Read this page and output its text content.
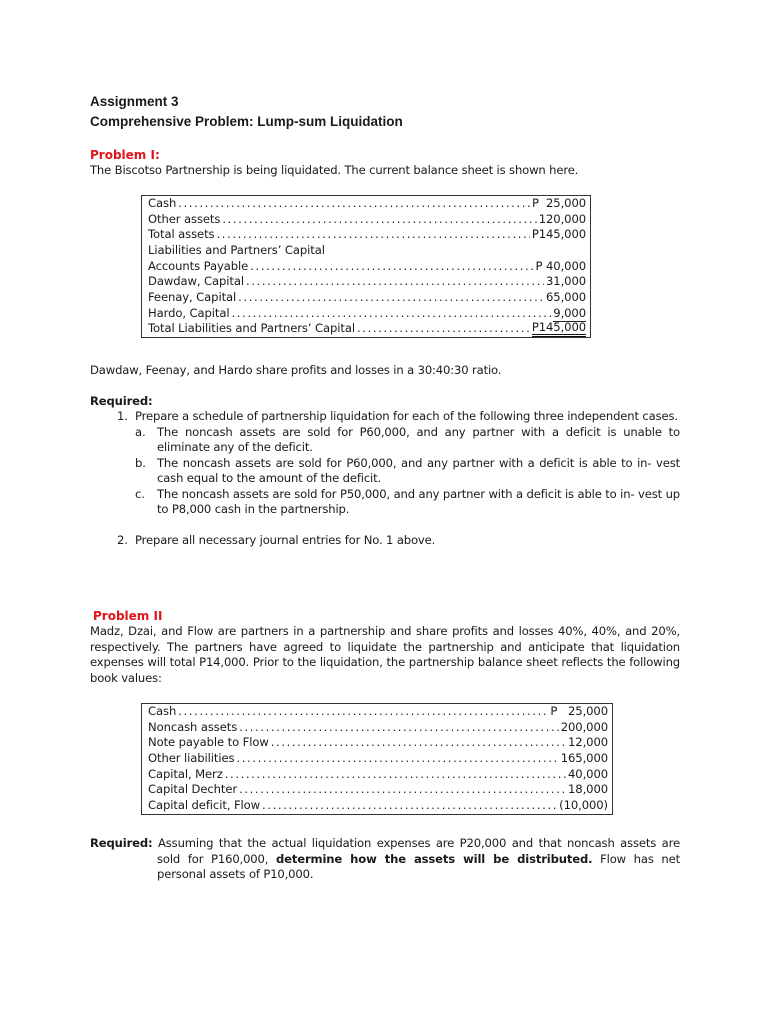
Assignment 3

Comprehensive Problem: Lump-sum Liquidation

Problem I:

The Biscotso Partnership is being liquidated. The current balance sheet is shown here.

Cash .....	P  25,000
Other assets .....	120,000
Total assets .....	P145,000
Liabilities and Partners’ Capital
Accounts Payable .....	P 40,000
Dawdaw, Capital .....	31,000
Feenay, Capital .....	65,000
Hardo, Capital .....	9,000
Total Liabilities and Partners’ Capital .....	P145,000

Dawdaw, Feenay, and Hardo share profits and losses in a 30:40:30 ratio.

Required:

1. Prepare a schedule of partnership liquidation for each of the following three independent cases.
a. The noncash assets are sold for P60,000, and any partner with a deficit is unable to eliminate any of the deficit.
b. The noncash assets are sold for P60,000, and any partner with a deficit is able to in- vest cash equal to the amount of the deficit.
c. The noncash assets are sold for P50,000, and any partner with a deficit is able to in- vest up to P8,000 cash in the partnership.
2. Prepare all necessary journal entries for No. 1 above.

Problem II

Madz, Dzai, and Flow are partners in a partnership and share profits and losses 40%, 40%, and 20%, respectively. The partners have agreed to liquidate the partnership and anticipate that liquidation expenses will total P14,000. Prior to the liquidation, the partnership balance sheet reflects the following book values:

Cash .....	P   25,000
Noncash assets .....	200,000
Note payable to Flow .....	12,000
Other liabilities .....	165,000
Capital, Merz .....	40,000
Capital Dechter .....	18,000
Capital deficit, Flow .....	(10,000)

Required: Assuming that the actual liquidation expenses are P20,000 and that noncash assets are sold for P160,000, determine how the assets will be distributed. Flow has net personal assets of P10,000.
